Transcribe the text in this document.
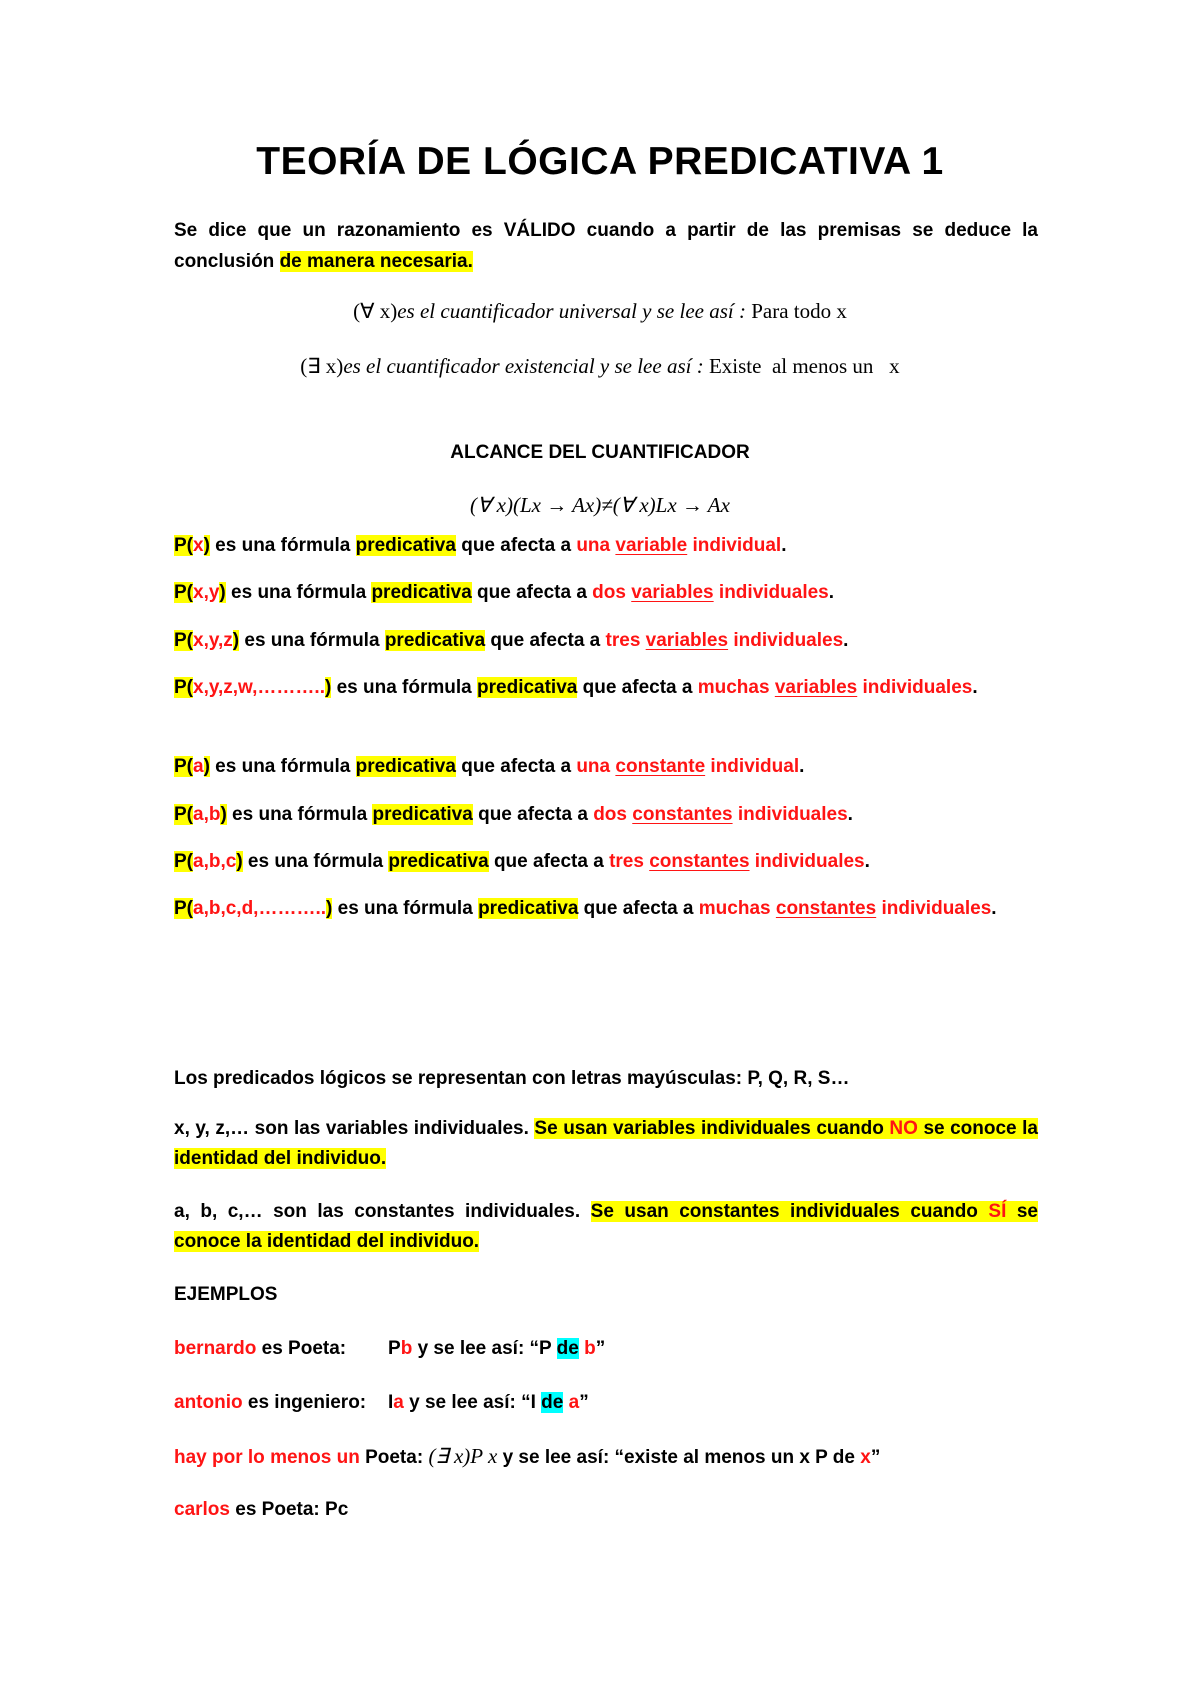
TEORÍA DE LÓGICA PREDICATIVA 1
Se dice que un razonamiento es VÁLIDO cuando a partir de las premisas se deduce la conclusión de manera necesaria.
(∀ x)es el cuantificador universal y se lee así : Para todo x
(∃ x)es el cuantificador existencial y se lee así : Existe  al menos un   x
ALCANCE DEL CUANTIFICADOR
(∀ x)(Lx → Ax)≠(∀ x)Lx → Ax
P(x) es una fórmula predicativa que afecta a una variable individual.
P(x,y) es una fórmula predicativa que afecta a dos variables individuales.
P(x,y,z) es una fórmula predicativa que afecta a tres variables individuales.
P(x,y,z,w,………..) es una fórmula predicativa que afecta a muchas variables individuales.
P(a) es una fórmula predicativa que afecta a una constante individual.
P(a,b) es una fórmula predicativa que afecta a dos constantes individuales.
P(a,b,c) es una fórmula predicativa que afecta a tres constantes individuales.
P(a,b,c,d,………..) es una fórmula predicativa que afecta a muchas constantes individuales.
Los predicados lógicos se representan con letras mayúsculas: P, Q, R, S…
x, y, z,… son las variables individuales. Se usan variables individuales cuando NO se conoce la identidad del individuo.
a, b, c,… son las constantes individuales. Se usan constantes individuales cuando SÍ se conoce la identidad del individuo.
EJEMPLOS
bernardo es Poeta: Pb y se lee así: “P de b”
antonio es ingeniero: Ia y se lee así: “I de a”
hay por lo menos un Poeta: (∃ x)P x y se lee así: “existe al menos un x P de x”
carlos es Poeta: Pc
